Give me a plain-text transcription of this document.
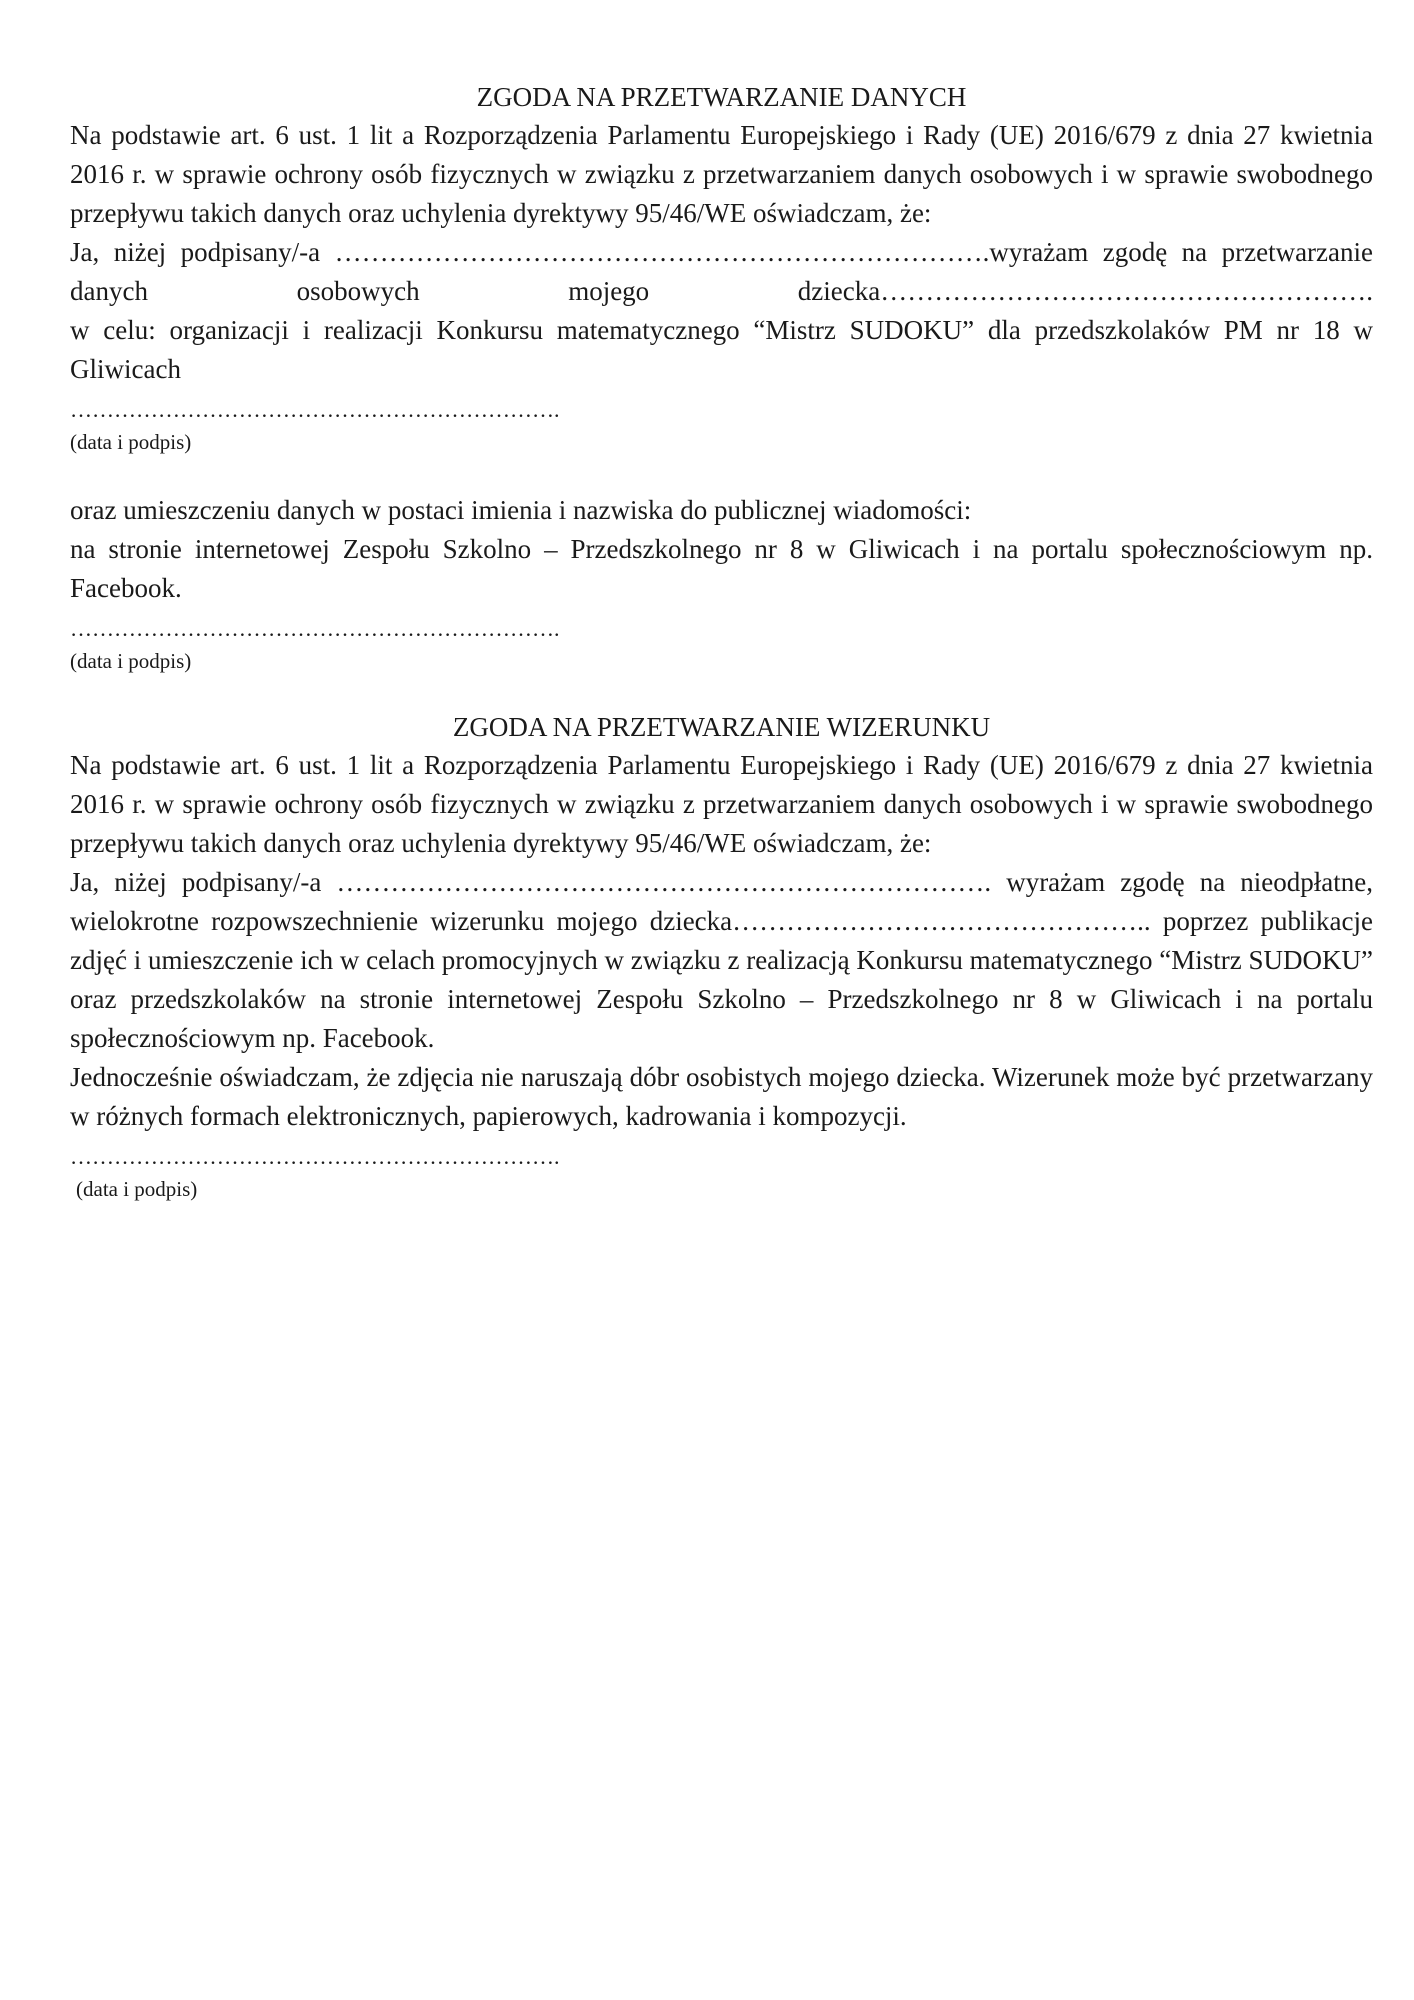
ZGODA NA PRZETWARZANIE DANYCH

Na podstawie art. 6 ust. 1 lit a Rozporządzenia Parlamentu Europejskiego i Rady (UE) 2016/679 z dnia 27 kwietnia 2016 r. w sprawie ochrony osób fizycznych w związku z przetwarzaniem danych osobowych i w sprawie swobodnego przepływu takich danych oraz uchylenia dyrektywy 95/46/WE oświadczam, że:

Ja, niżej podpisany/-a ……………………………………………………………….wyrażam zgodę na przetwarzanie danych osobowych mojego dziecka……………………………………………….

w celu: organizacji i realizacji Konkursu matematycznego “Mistrz SUDOKU” dla przedszkolaków PM nr 18 w Gliwicach

………………………………………………………….

(data i podpis)

oraz umieszczeniu danych w postaci imienia i nazwiska do publicznej wiadomości:

na stronie internetowej Zespołu Szkolno – Przedszkolnego nr 8 w Gliwicach i na portalu społecznościowym np. Facebook.

………………………………………………………….

(data i podpis)

ZGODA NA PRZETWARZANIE WIZERUNKU

Na podstawie art. 6 ust. 1 lit a Rozporządzenia Parlamentu Europejskiego i Rady (UE) 2016/679 z dnia 27 kwietnia 2016 r. w sprawie ochrony osób fizycznych w związku z przetwarzaniem danych osobowych i w sprawie swobodnego przepływu takich danych oraz uchylenia dyrektywy 95/46/WE oświadczam, że:

Ja, niżej podpisany/-a ………………………………………………………………. wyrażam zgodę na nieodpłatne, wielokrotne rozpowszechnienie wizerunku mojego dziecka……………………………………….. poprzez publikacje zdjęć i umieszczenie ich w celach promocyjnych w związku z realizacją Konkursu matematycznego “Mistrz SUDOKU” oraz przedszkolaków na stronie internetowej Zespołu Szkolno – Przedszkolnego nr 8 w Gliwicach i na portalu społecznościowym np. Facebook.

Jednocześnie oświadczam, że zdjęcia nie naruszają dóbr osobistych mojego dziecka. Wizerunek może być przetwarzany w różnych formach elektronicznych, papierowych, kadrowania i kompozycji.

………………………………………………………….

(data i podpis)
